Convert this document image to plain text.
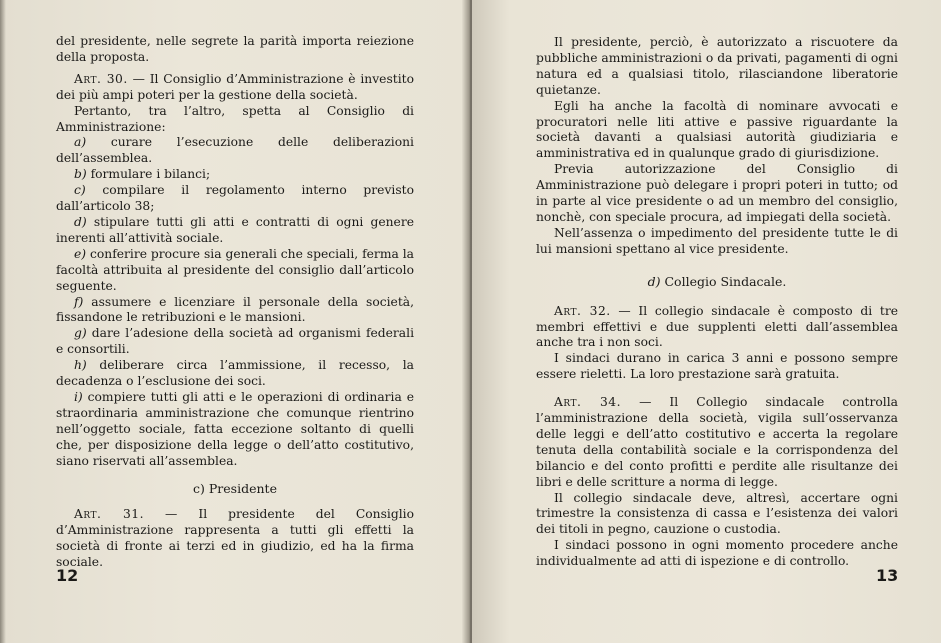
del presidente, nelle segrete la parità importa reiezione della proposta.

Art. 30. — Il Consiglio d’Amministrazione è investito dei più ampi poteri per la gestione della società.

Pertanto, tra l’altro, spetta al Consiglio di Amministrazione:

a) curare l’esecuzione delle deliberazioni dell’assemblea.

b) formulare i bilanci;

c) compilare il regolamento interno previsto dall’articolo 38;

d) stipulare tutti gli atti e contratti di ogni genere inerenti all’attività sociale.

e) conferire procure sia generali che speciali, ferma la facoltà attribuita al presidente del consiglio dall’articolo seguente.

f) assumere e licenziare il personale della società, fissandone le retribuzioni e le mansioni.

g) dare l’adesione della società ad organismi federali e consortili.

h) deliberare circa l’ammissione, il recesso, la decadenza o l’esclusione dei soci.

i) compiere tutti gli atti e le operazioni di ordinaria e straordinaria amministrazione che comunque rientrino nell’oggetto sociale, fatta eccezione soltanto di quelli che, per disposizione della legge o dell’atto costitutivo, siano riservati all’assemblea.

c) Presidente

Art. 31. — Il presidente del Consiglio d’Amministrazione rappresenta a tutti gli effetti la società di fronte ai terzi ed in giudizio, ed ha la firma sociale.

12

Il presidente, perciò, è autorizzato a riscuotere da pubbliche amministrazioni o da privati, pagamenti di ogni natura ed a qualsiasi titolo, rilasciandone liberatorie quietanze.

Egli ha anche la facoltà di nominare avvocati e procuratori nelle liti attive e passive riguardante la società davanti a qualsiasi autorità giudiziaria e amministrativa ed in qualunque grado di giurisdizione.

Previa autorizzazione del Consiglio di Amministrazione può delegare i propri poteri in tutto; od in parte al vice presidente o ad un membro del consiglio, nonchè, con speciale procura, ad impiegati della società.

Nell’assenza o impedimento del presidente tutte le di lui mansioni spettano al vice presidente.

d) Collegio Sindacale.

Art. 32. — Il collegio sindacale è composto di tre membri effettivi e due supplenti eletti dall’assemblea anche tra i non soci.

I sindaci durano in carica 3 anni e possono sempre essere rieletti. La loro prestazione sarà gratuita.

Art. 34. — Il Collegio sindacale controlla l’amministrazione della società, vigila sull’osservanza delle leggi e dell’atto costitutivo e accerta la regolare tenuta della contabilità sociale e la corrispondenza del bilancio e del conto profitti e perdite alle risultanze dei libri e delle scritture a norma di legge.

Il collegio sindacale deve, altresì, accertare ogni trimestre la consistenza di cassa e l’esistenza dei valori dei titoli in pegno, cauzione o custodia.

I sindaci possono in ogni momento procedere anche individualmente ad atti di ispezione e di controllo.

13
